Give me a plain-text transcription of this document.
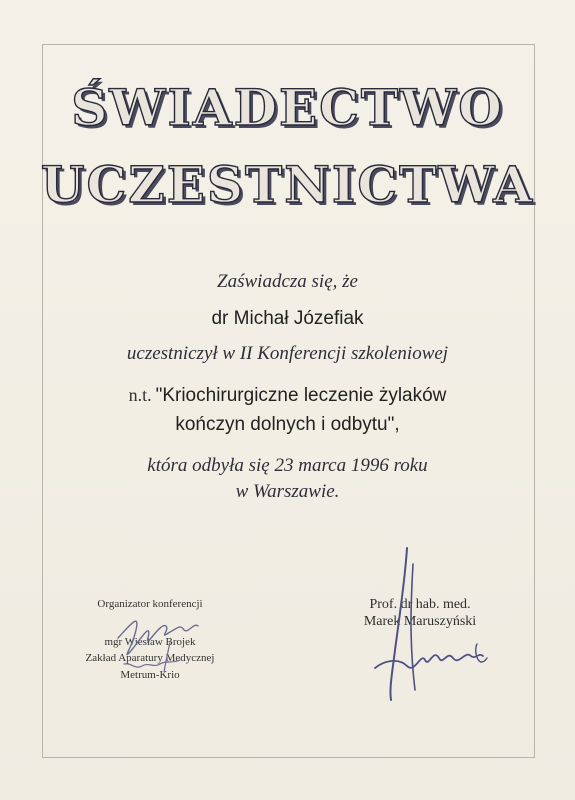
ŚWIADECTWO
UCZESTNICTWA
Zaświadcza się, że
dr Michał Józefiak
uczestniczył w II Konferencji szkoleniowej
n.t. "Kriochirurgiczne leczenie żylaków
kończyn dolnych i odbytu",
która odbyła się 23 marca 1996 roku
w Warszawie.
Organizator konferencji
mgr Wiesław Brojek
Zakład Aparatury Medycznej
Metrum-Krio
Prof. dr hab. med.
Marek Maruszyński
